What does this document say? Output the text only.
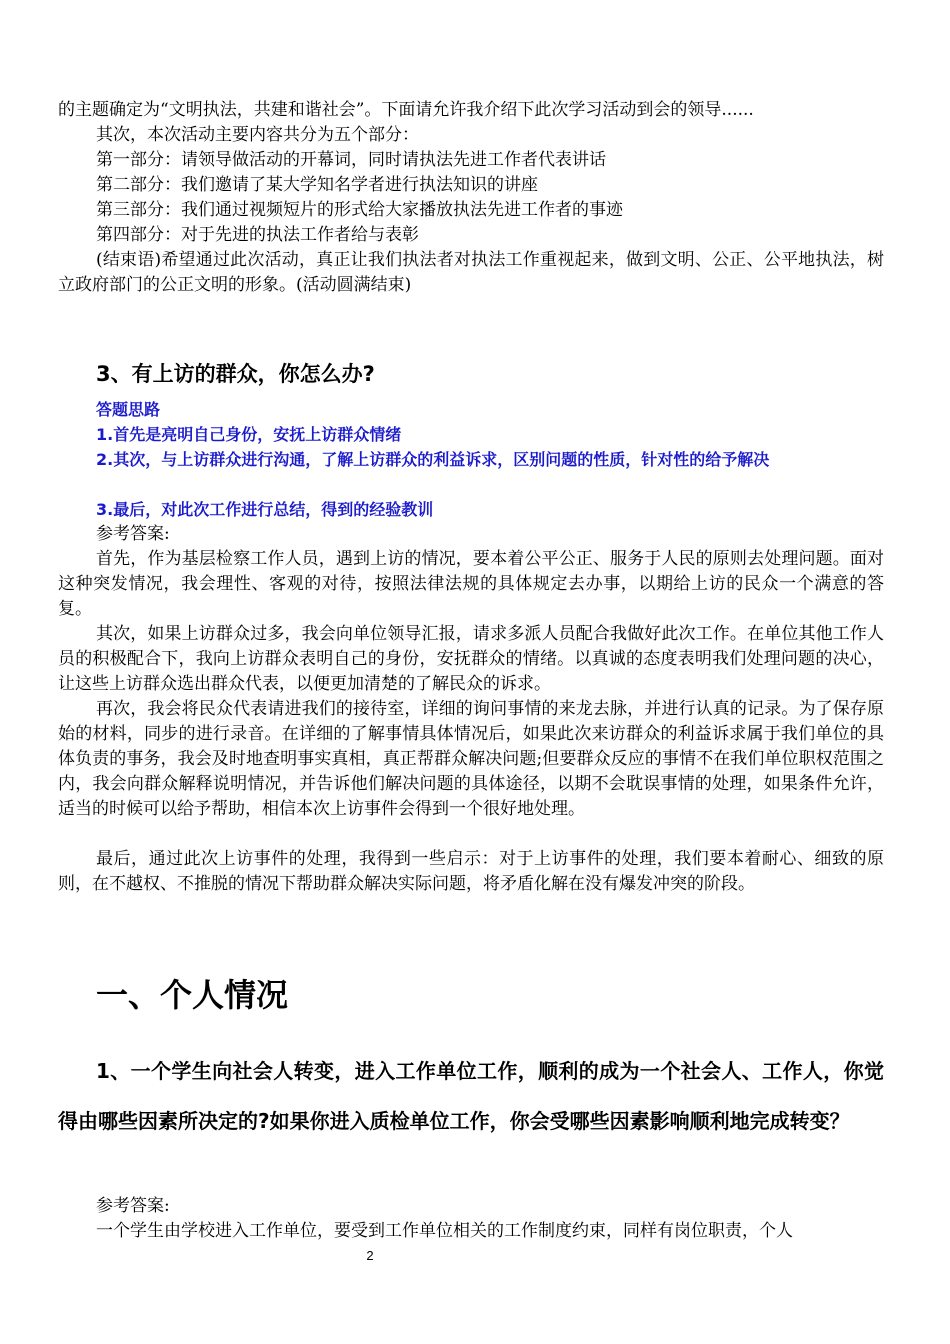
的主题确定为“文明执法，共建和谐社会”。下面请允许我介绍下此次学习活动到会的领导......

其次，本次活动主要内容共分为五个部分：

第一部分：请领导做活动的开幕词，同时请执法先进工作者代表讲话

第二部分：我们邀请了某大学知名学者进行执法知识的讲座

第三部分：我们通过视频短片的形式给大家播放执法先进工作者的事迹

第四部分：对于先进的执法工作者给与表彰

(结束语)希望通过此次活动，真正让我们执法者对执法工作重视起来，做到文明、公正、公平地执法，树立政府部门的公正文明的形象。(活动圆满结束)

3、有上访的群众，你怎么办?

答题思路

1.首先是亮明自己身份，安抚上访群众情绪

2.其次，与上访群众进行沟通，了解上访群众的利益诉求，区别问题的性质，针对性的给予解决

3.最后，对此次工作进行总结，得到的经验教训

参考答案:

首先，作为基层检察工作人员，遇到上访的情况，要本着公平公正、服务于人民的原则去处理问题。面对这种突发情况，我会理性、客观的对待，按照法律法规的具体规定去办事，以期给上访的民众一个满意的答复。

其次，如果上访群众过多，我会向单位领导汇报，请求多派人员配合我做好此次工作。在单位其他工作人员的积极配合下，我向上访群众表明自己的身份，安抚群众的情绪。以真诚的态度表明我们处理问题的决心，让这些上访群众选出群众代表，以便更加清楚的了解民众的诉求。

再次，我会将民众代表请进我们的接待室，详细的询问事情的来龙去脉，并进行认真的记录。为了保存原始的材料，同步的进行录音。在详细的了解事情具体情况后，如果此次来访群众的利益诉求属于我们单位的具体负责的事务，我会及时地查明事实真相，真正帮群众解决问题;但要群众反应的事情不在我们单位职权范围之内，我会向群众解释说明情况，并告诉他们解决问题的具体途径，以期不会耽误事情的处理，如果条件允许，适当的时候可以给予帮助，相信本次上访事件会得到一个很好地处理。

最后，通过此次上访事件的处理，我得到一些启示：对于上访事件的处理，我们要本着耐心、细致的原则，在不越权、不推脱的情况下帮助群众解决实际问题，将矛盾化解在没有爆发冲突的阶段。

一、个人情况

1、一个学生向社会人转变，进入工作单位工作，顺利的成为一个社会人、工作人，你觉得由哪些因素所决定的?如果你进入质检单位工作，你会受哪些因素影响顺利地完成转变？

参考答案:

一个学生由学校进入工作单位，要受到工作单位相关的工作制度约束，同样有岗位职责，个人

2
